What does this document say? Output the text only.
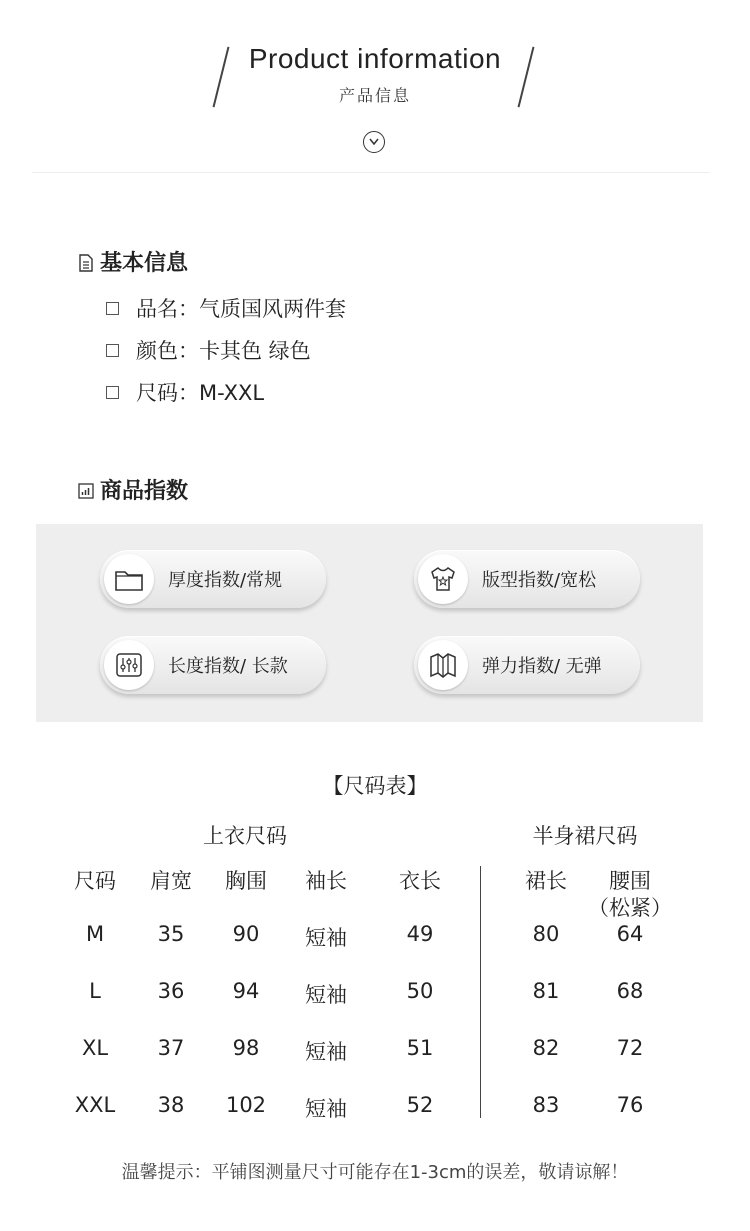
Product information
产品信息
基本信息
品名：气质国风两件套
颜色：卡其色 绿色
尺码：M-XXL
商品指数
厚度指数/常规	版型指数/宽松
长度指数/ 长款	弹力指数/ 无弹
【尺码表】
上衣尺码	半身裙尺码
尺码	肩宽	胸围	袖长	衣长	裙长	腰围
（松紧）
M	35	90	短袖	49	80	64
L	36	94	短袖	50	81	68
XL	37	98	短袖	51	82	72
XXL	38	102	短袖	52	83	76
温馨提示：平铺图测量尺寸可能存在1-3cm的误差，敬请谅解！
